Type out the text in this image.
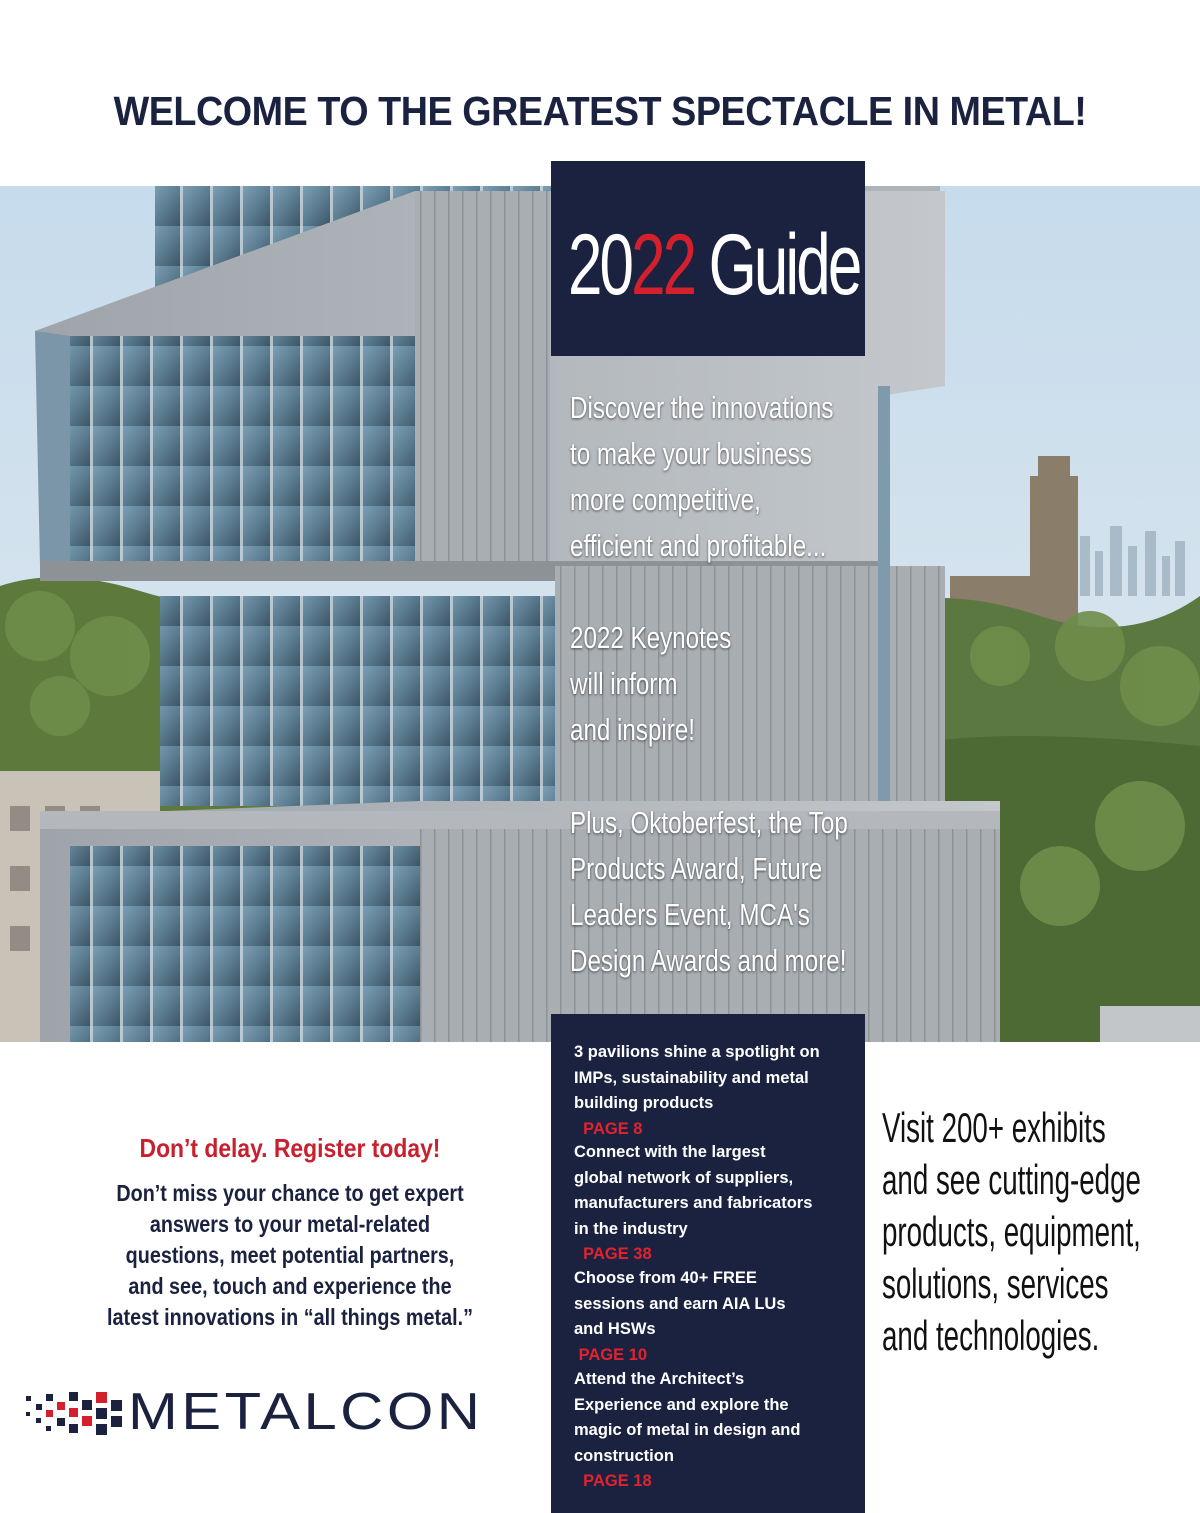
WELCOME TO THE GREATEST SPECTACLE IN METAL!
2022 Guide

Discover the innovations
to make your business
more competitive,
efficient and profitable...

2022 Keynotes
will inform
and inspire!

Plus, Oktoberfest, the Top
Products Award, Future
Leaders Event, MCA's
Design Awards and more!

3 pavilions shine a spotlight on
IMPs, sustainability and metal
building products
PAGE 8

Connect with the largest
global network of suppliers,
manufacturers and fabricators
in the industry
PAGE 38

Choose from 40+ FREE
sessions and earn AIA LUs
and HSWs
PAGE 10

Attend the Architect’s
Experience and explore the
magic of metal in design and
construction
PAGE 18

Don’t delay. Register today!

Don’t miss your chance to get expert
answers to your metal-related
questions, meet potential partners,
and see, touch and experience the
latest innovations in “all things metal.”

METALCON

Visit 200+ exhibits
and see cutting-edge
products, equipment,
solutions, services
and technologies.
